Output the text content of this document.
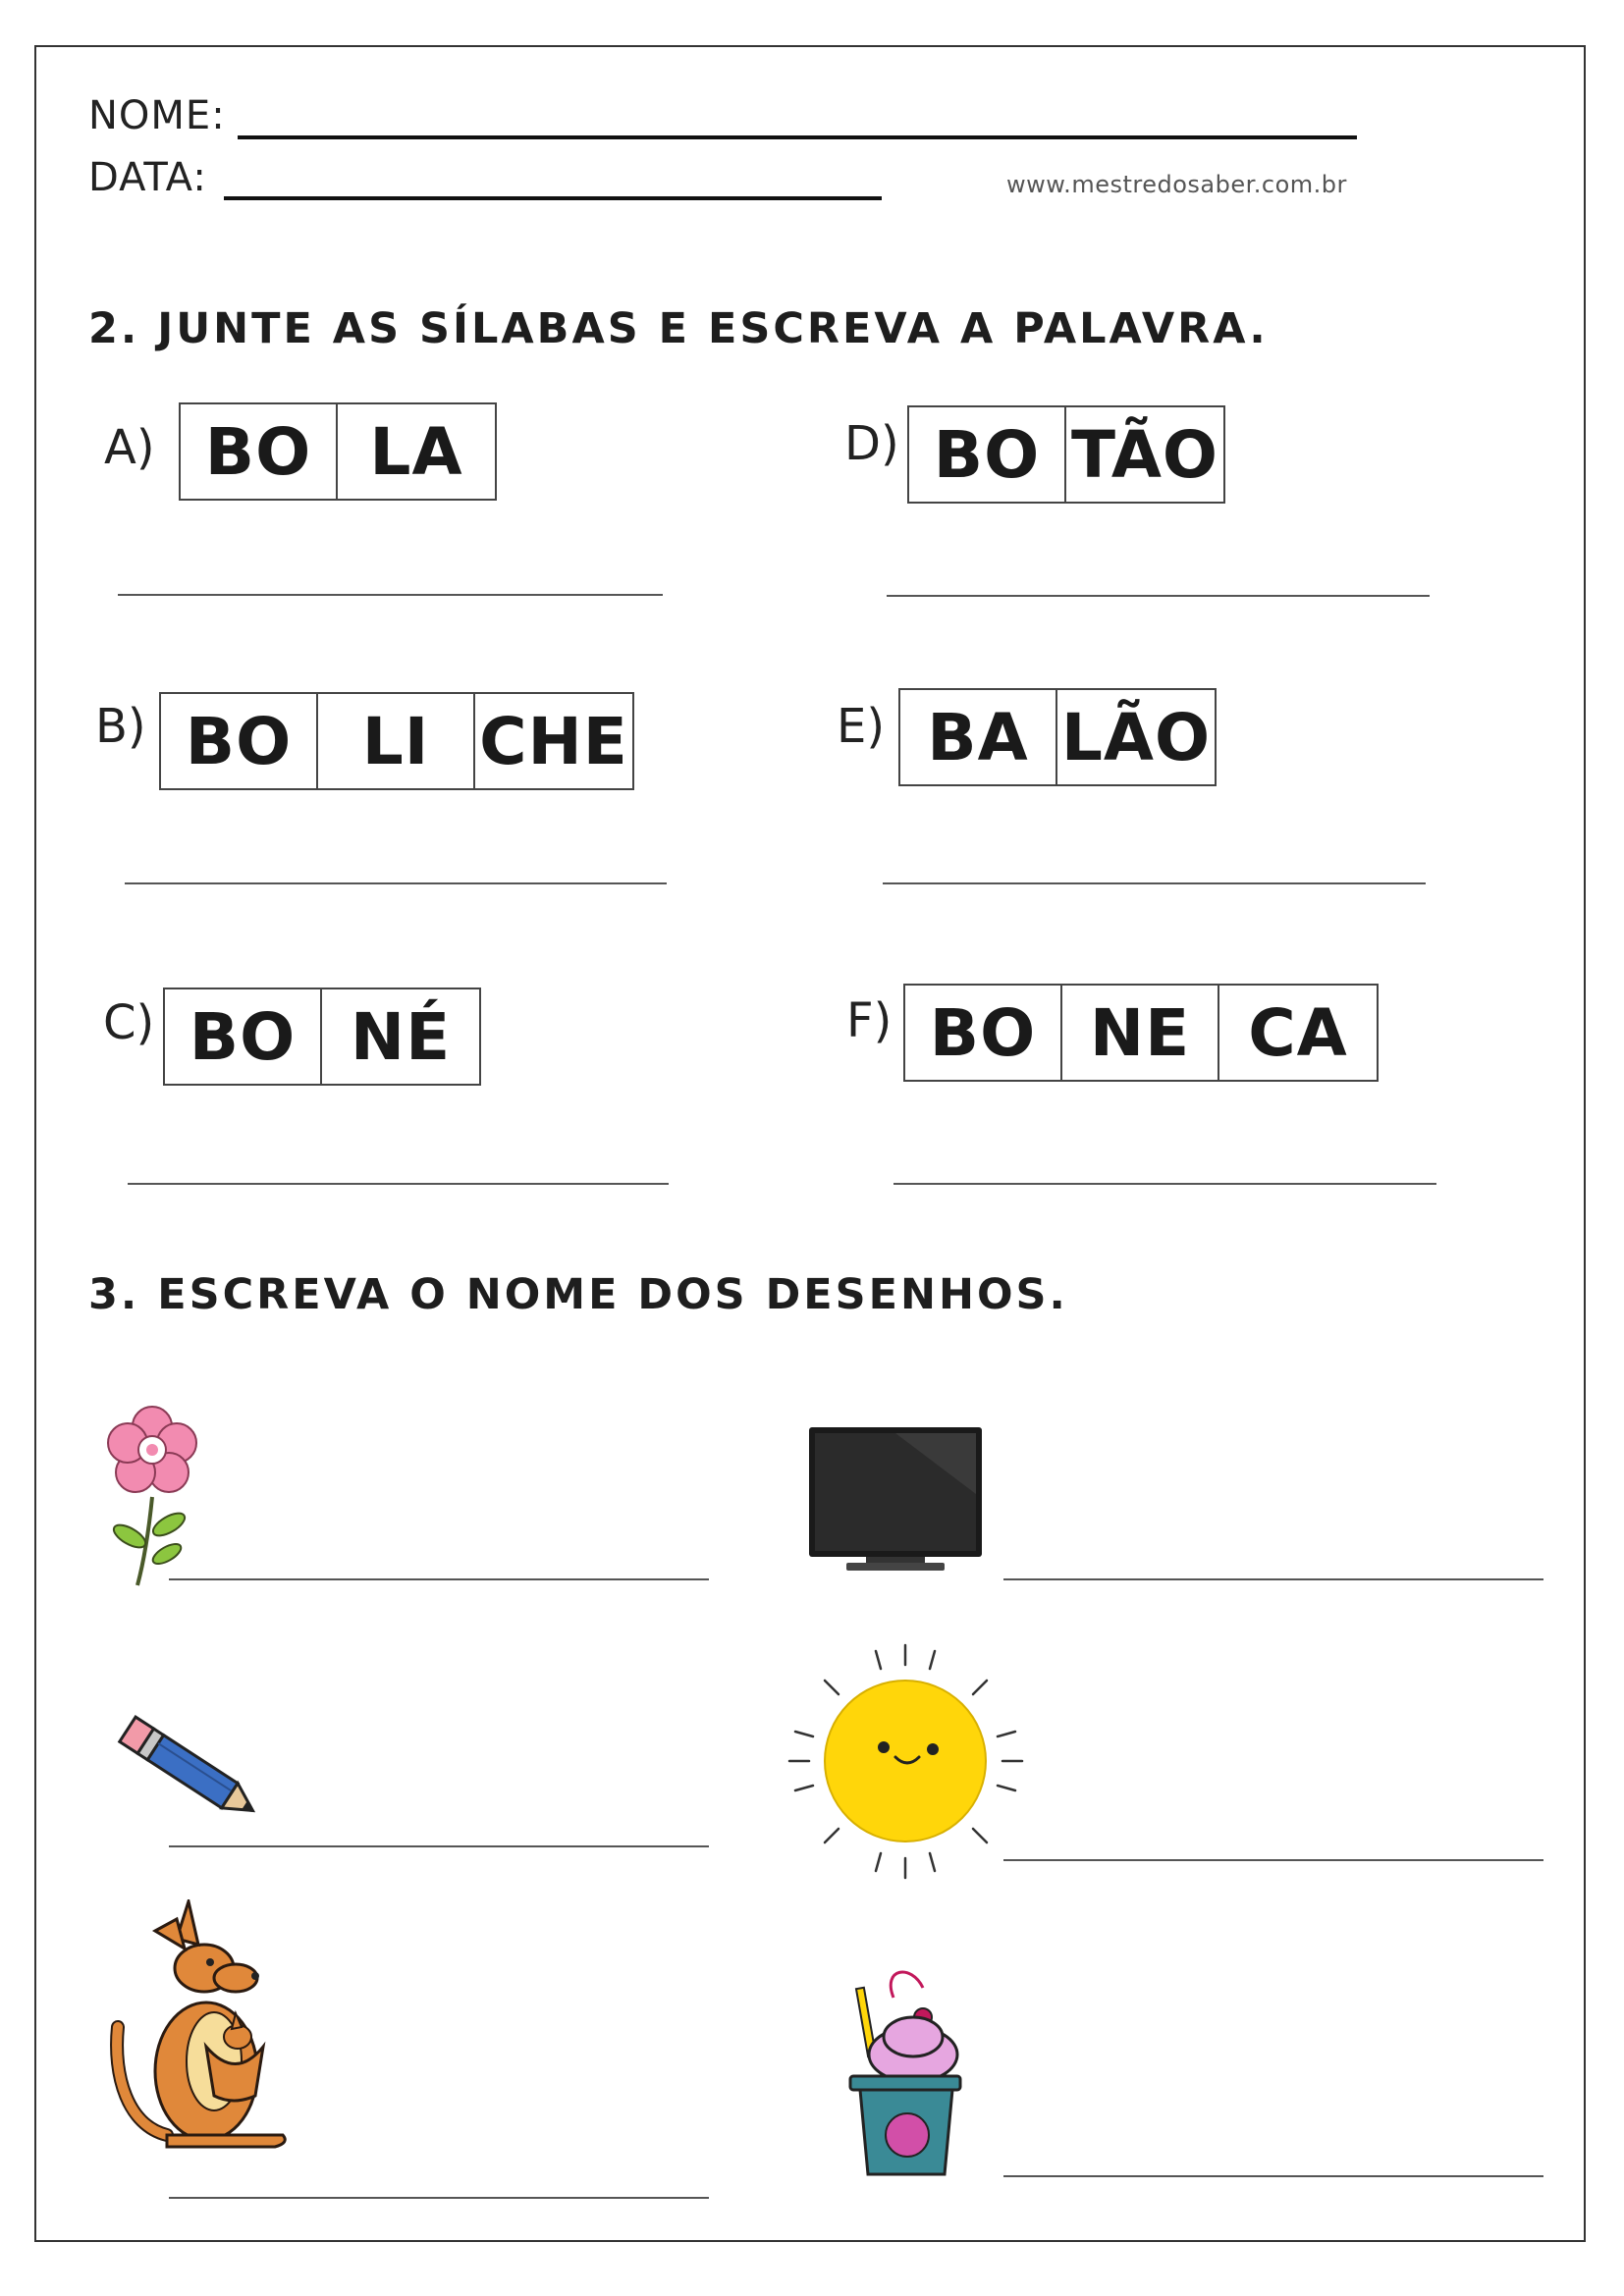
NOME:
DATA:	www.mestredosaber.com.br
2. JUNTE AS SÍLABAS E ESCREVA A PALAVRA.
A) BO LA	D) BO TÃO
B) BO	LI CHE	E) BA LÃO
C) BO NÉ	F) BO NE CA
3. ESCREVA O NOME DOS DESENHOS.
